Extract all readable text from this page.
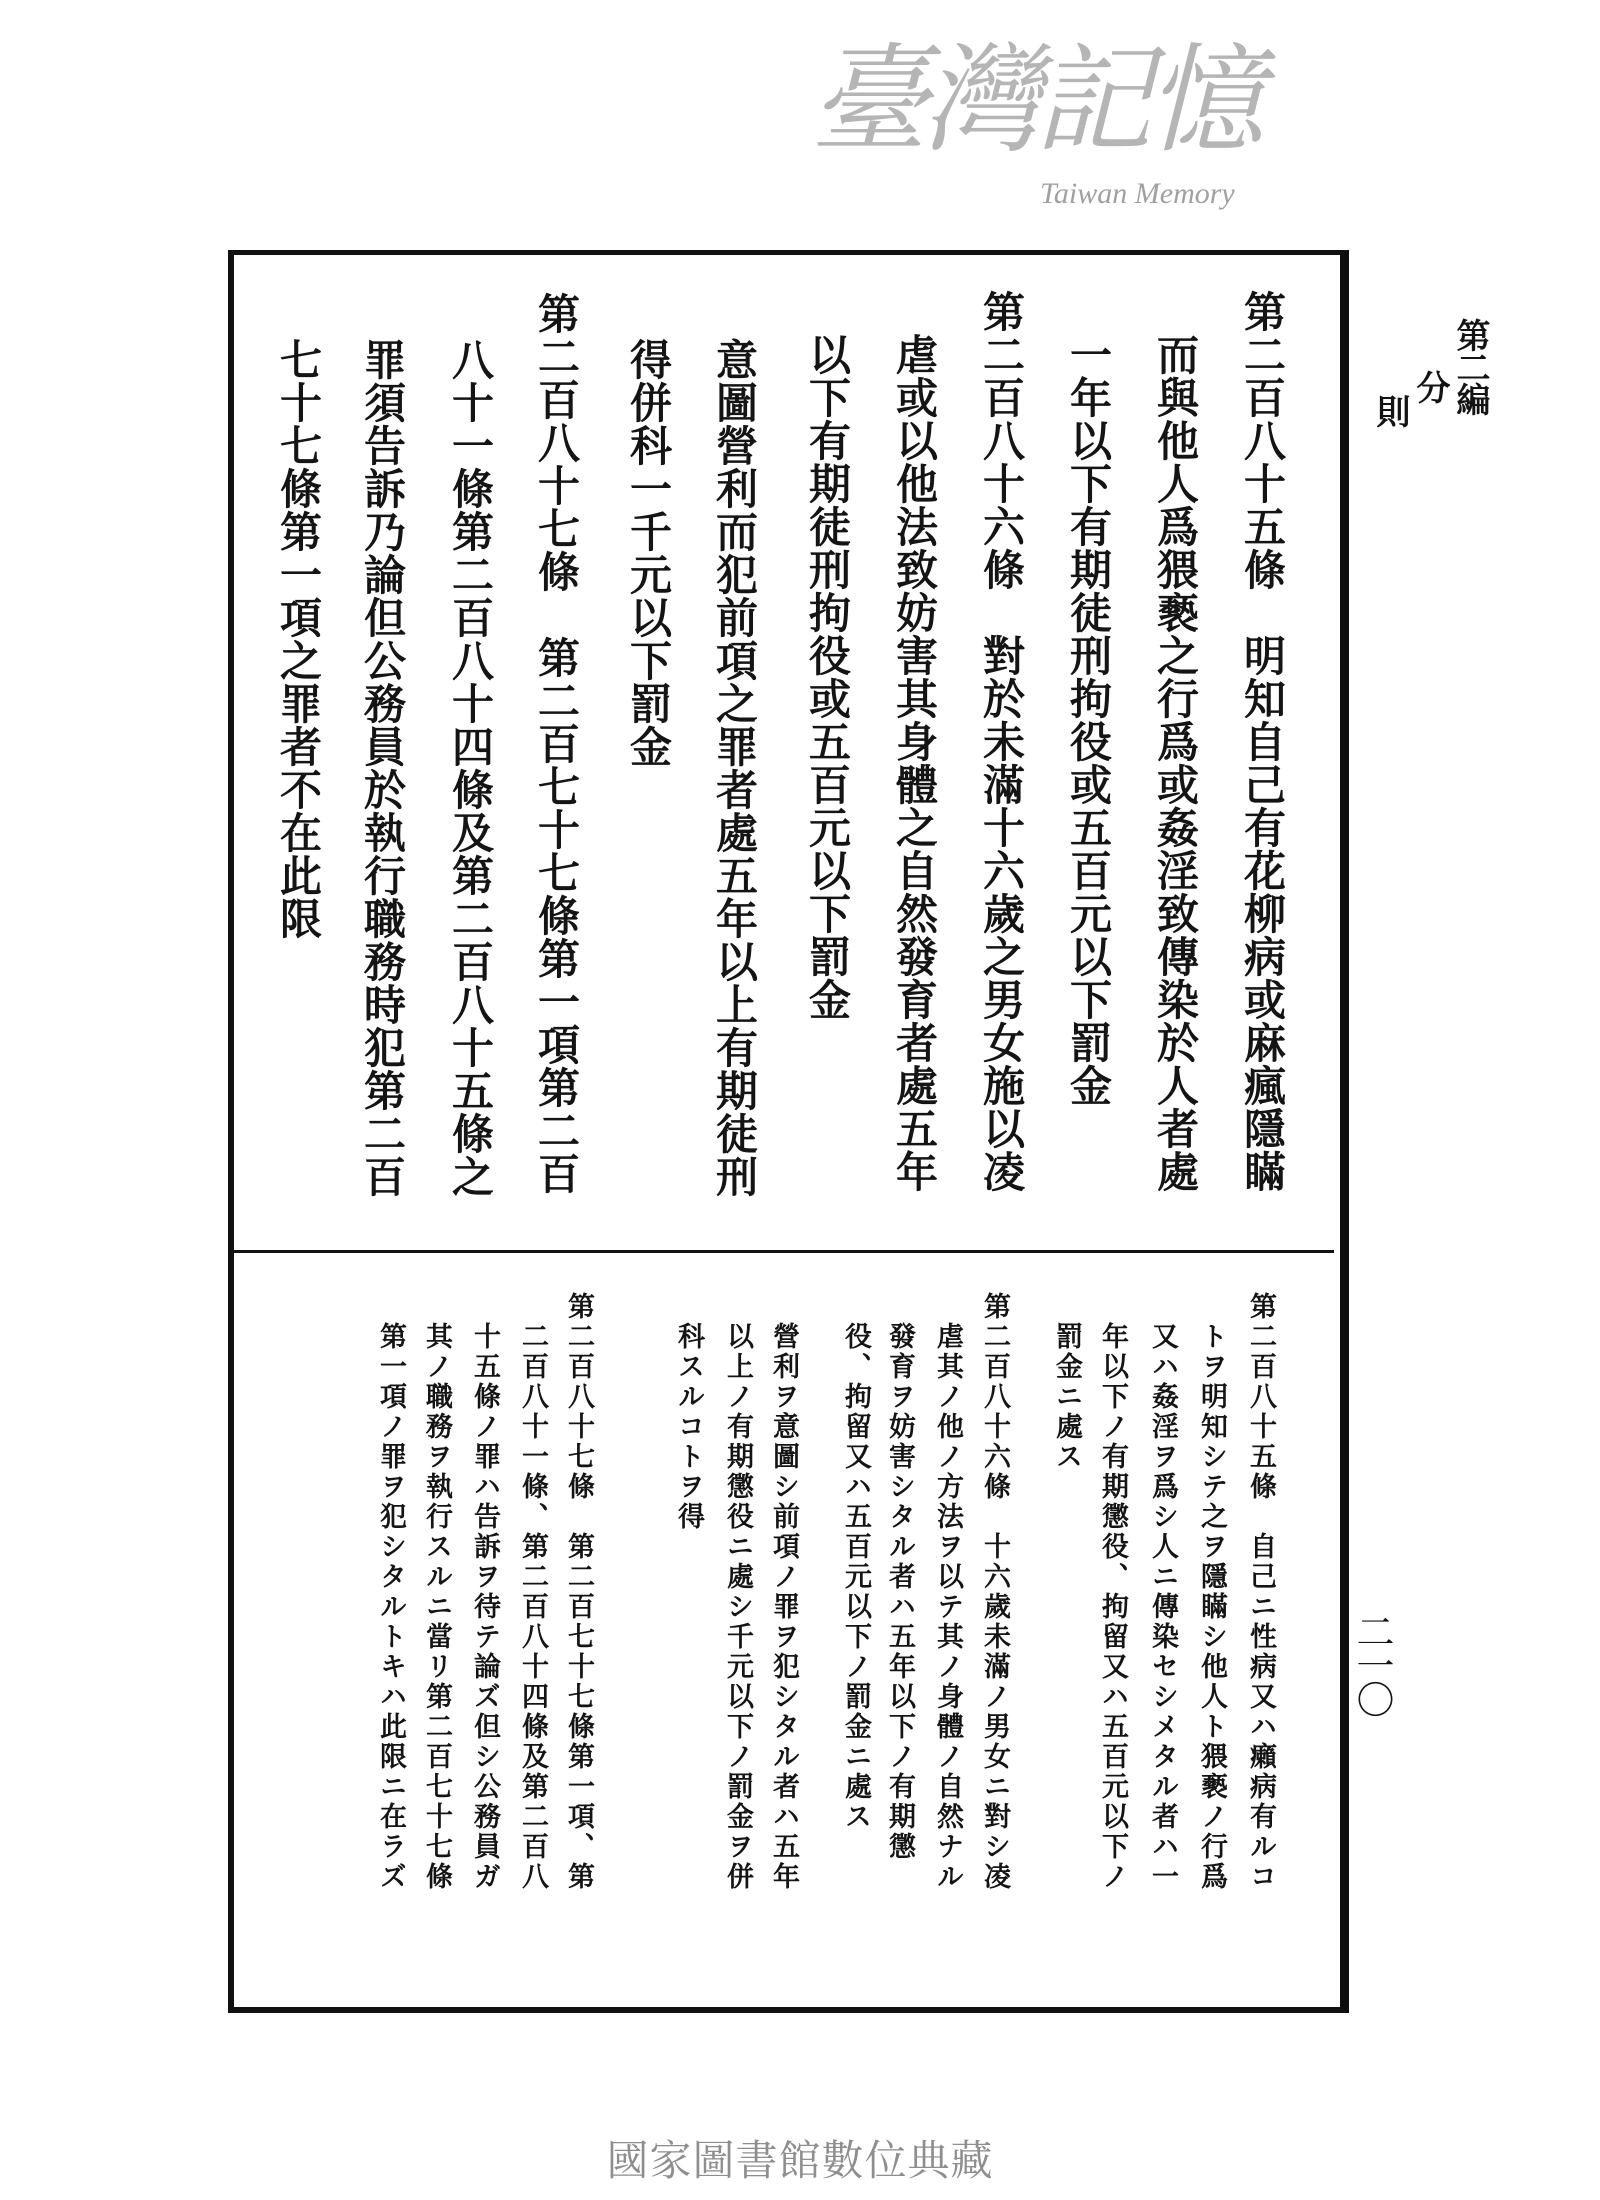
第二編
分
則
二一〇
第二百八十五條　明知自己有花柳病或麻瘋隱瞞
而與他人爲猥褻之行爲或姦淫致傳染於人者處
一年以下有期徒刑拘役或五百元以下罰金
第二百八十六條　對於未滿十六歲之男女施以凌
虐或以他法致妨害其身體之自然發育者處五年
以下有期徒刑拘役或五百元以下罰金
意圖營利而犯前項之罪者處五年以上有期徒刑
得併科一千元以下罰金
第二百八十七條　第二百七十七條第一項第二百
八十一條第二百八十四條及第二百八十五條之
罪須告訴乃論但公務員於執行職務時犯第二百
七十七條第一項之罪者不在此限
臺灣記憶
Taiwan Memory
第二百八十五條　自己ニ性病又ハ癩病有ルコ
トヲ明知シテ之ヲ隱瞞シ他人ト猥褻ノ行爲
又ハ姦淫ヲ爲シ人ニ傳染セシメタル者ハ一
年以下ノ有期懲役、拘留又ハ五百元以下ノ
罰金ニ處ス
第二百八十六條　十六歲未滿ノ男女ニ對シ凌
虐其ノ他ノ方法ヲ以テ其ノ身體ノ自然ナル
發育ヲ妨害シタル者ハ五年以下ノ有期懲
役、拘留又ハ五百元以下ノ罰金ニ處ス
營利ヲ意圖シ前項ノ罪ヲ犯シタル者ハ五年
以上ノ有期懲役ニ處シ千元以下ノ罰金ヲ併
科スルコトヲ得
第二百八十七條　第二百七十七條第一項、第
二百八十一條、第二百八十四條及第二百八
十五條ノ罪ハ告訴ヲ待テ論ズ但シ公務員ガ
其ノ職務ヲ執行スルニ當リ第二百七十七條
第一項ノ罪ヲ犯シタルトキハ此限ニ在ラズ
國家圖書館數位典藏
